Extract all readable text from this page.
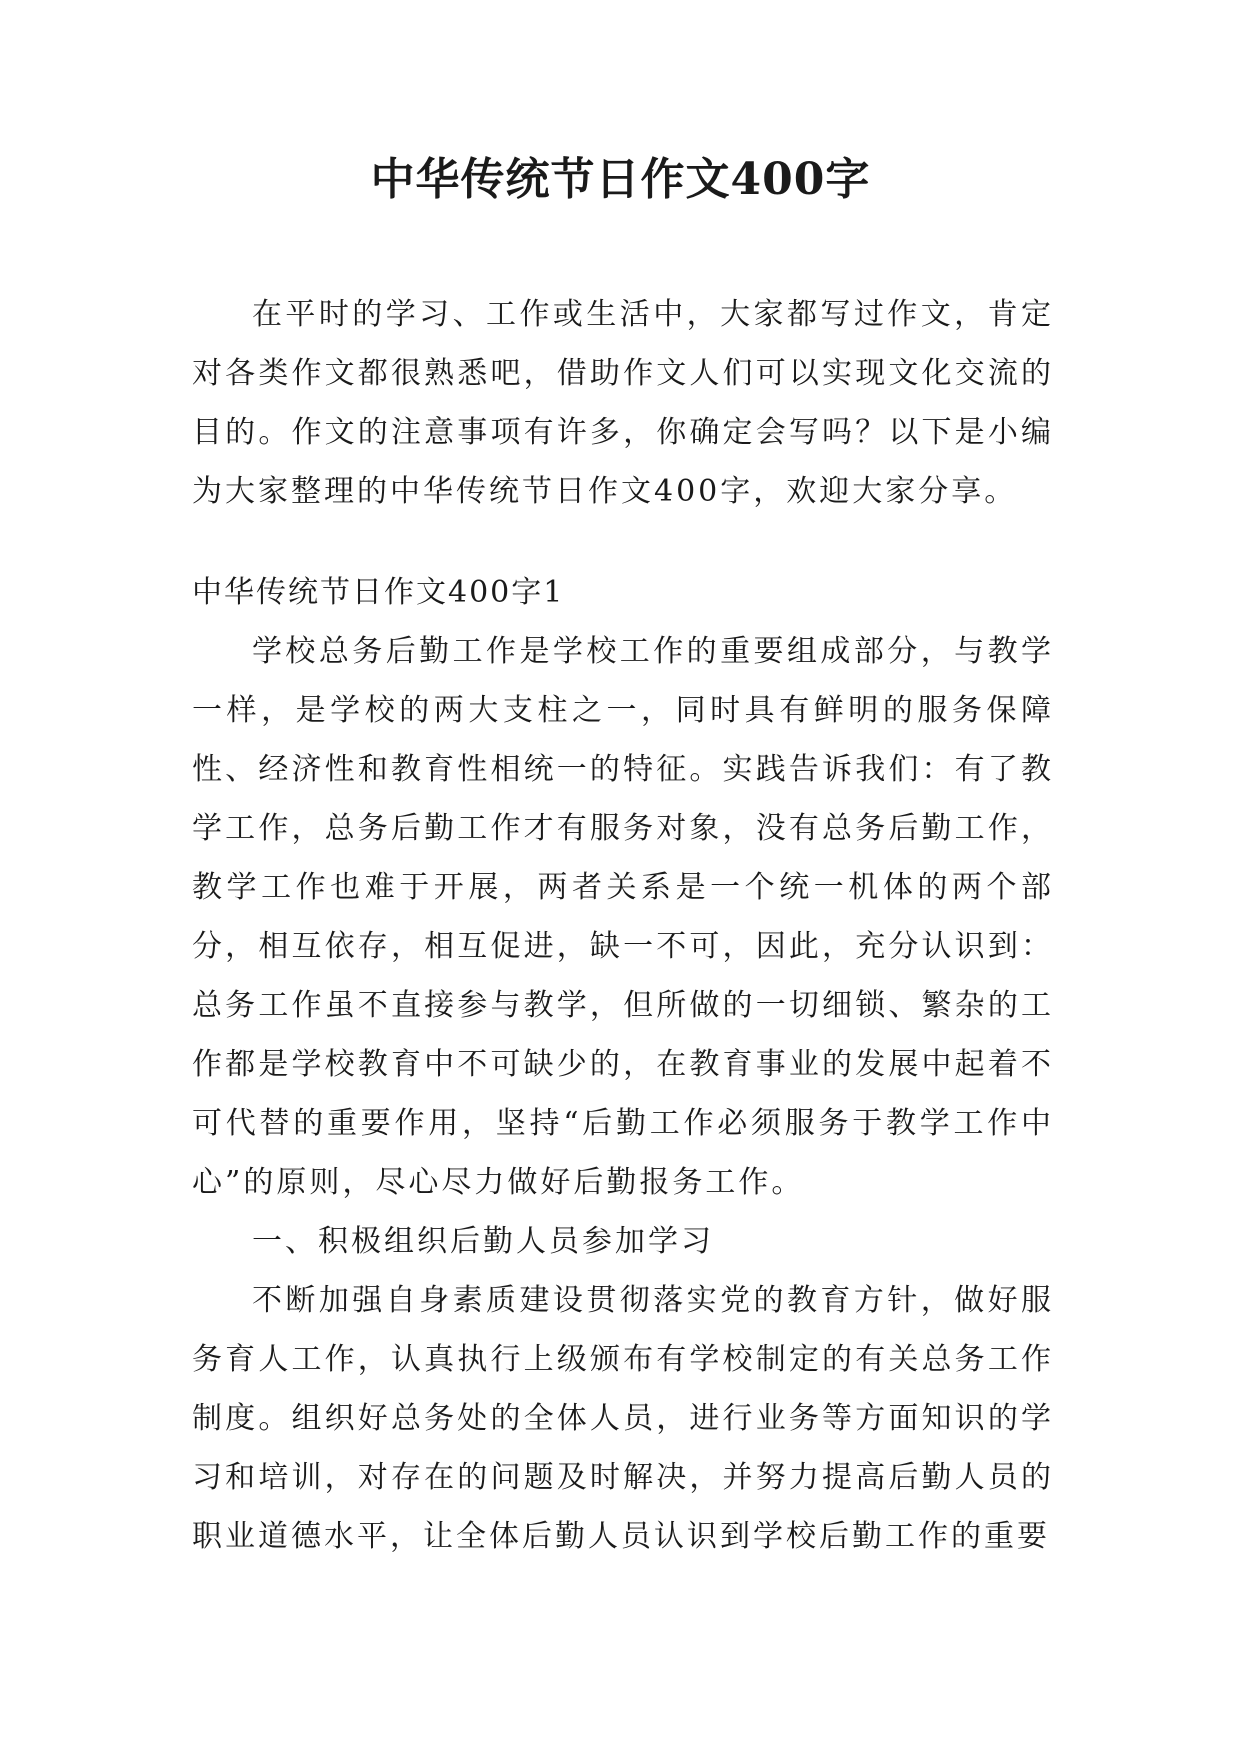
中华传统节日作文400字

在平时的学习、工作或生活中，大家都写过作文，肯定对各类作文都很熟悉吧，借助作文人们可以实现文化交流的目的。作文的注意事项有许多，你确定会写吗？以下是小编为大家整理的中华传统节日作文400字，欢迎大家分享。

中华传统节日作文400字1

学校总务后勤工作是学校工作的重要组成部分，与教学一样，是学校的两大支柱之一，同时具有鲜明的服务保障性、经济性和教育性相统一的特征。实践告诉我们：有了教学工作，总务后勤工作才有服务对象，没有总务后勤工作，教学工作也难于开展，两者关系是一个统一机体的两个部分，相互依存，相互促进，缺一不可，因此，充分认识到：总务工作虽不直接参与教学，但所做的一切细锁、繁杂的工作都是学校教育中不可缺少的，在教育事业的发展中起着不可代替的重要作用，坚持“后勤工作必须服务于教学工作中心”的原则，尽心尽力做好后勤报务工作。

一、积极组织后勤人员参加学习

不断加强自身素质建设贯彻落实党的教育方针，做好服务育人工作，认真执行上级颁布有学校制定的有关总务工作制度。组织好总务处的全体人员，进行业务等方面知识的学习和培训，对存在的问题及时解决，并努力提高后勤人员的职业道德水平，让全体后勤人员认识到学校后勤工作的重要
